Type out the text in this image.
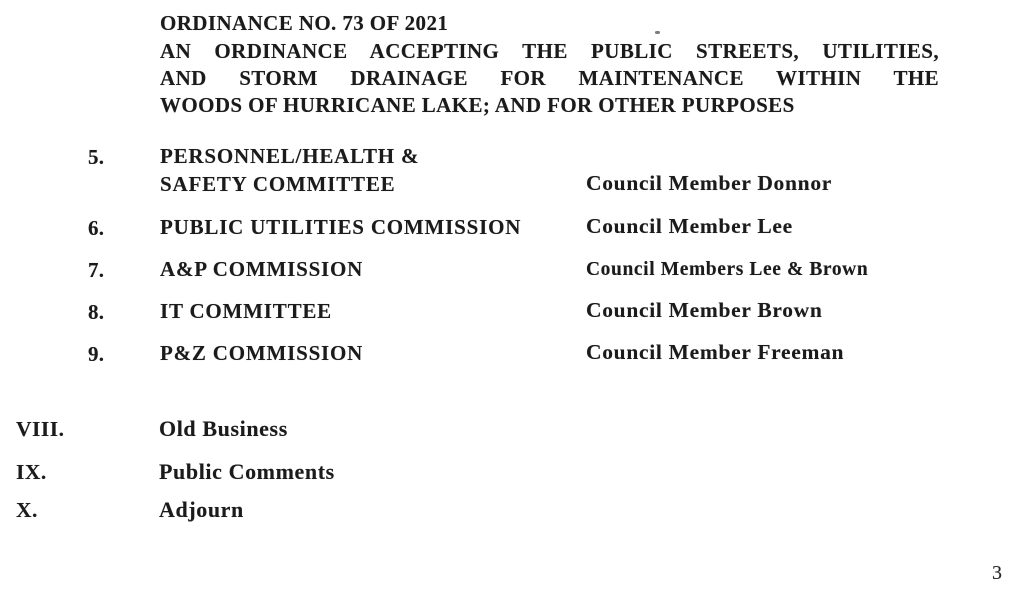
ORDINANCE NO. 73 OF 2021
AN ORDINANCE ACCEPTING THE PUBLIC STREETS, UTILITIES,
AND STORM DRAINAGE FOR MAINTENANCE WITHIN THE
WOODS OF HURRICANE LAKE; AND FOR OTHER PURPOSES
5.	PERSONNEL/HEALTH &
SAFETY COMMITTEE	Council Member Donnor
6.	PUBLIC UTILITIES COMMISSION	Council Member Lee
7.	A&P COMMISSION	Council Members Lee & Brown
8.	IT COMMITTEE	Council Member Brown
9.	P&Z COMMISSION	Council Member Freeman
VIII.	Old Business
IX.	Public Comments
X.	Adjourn
3
